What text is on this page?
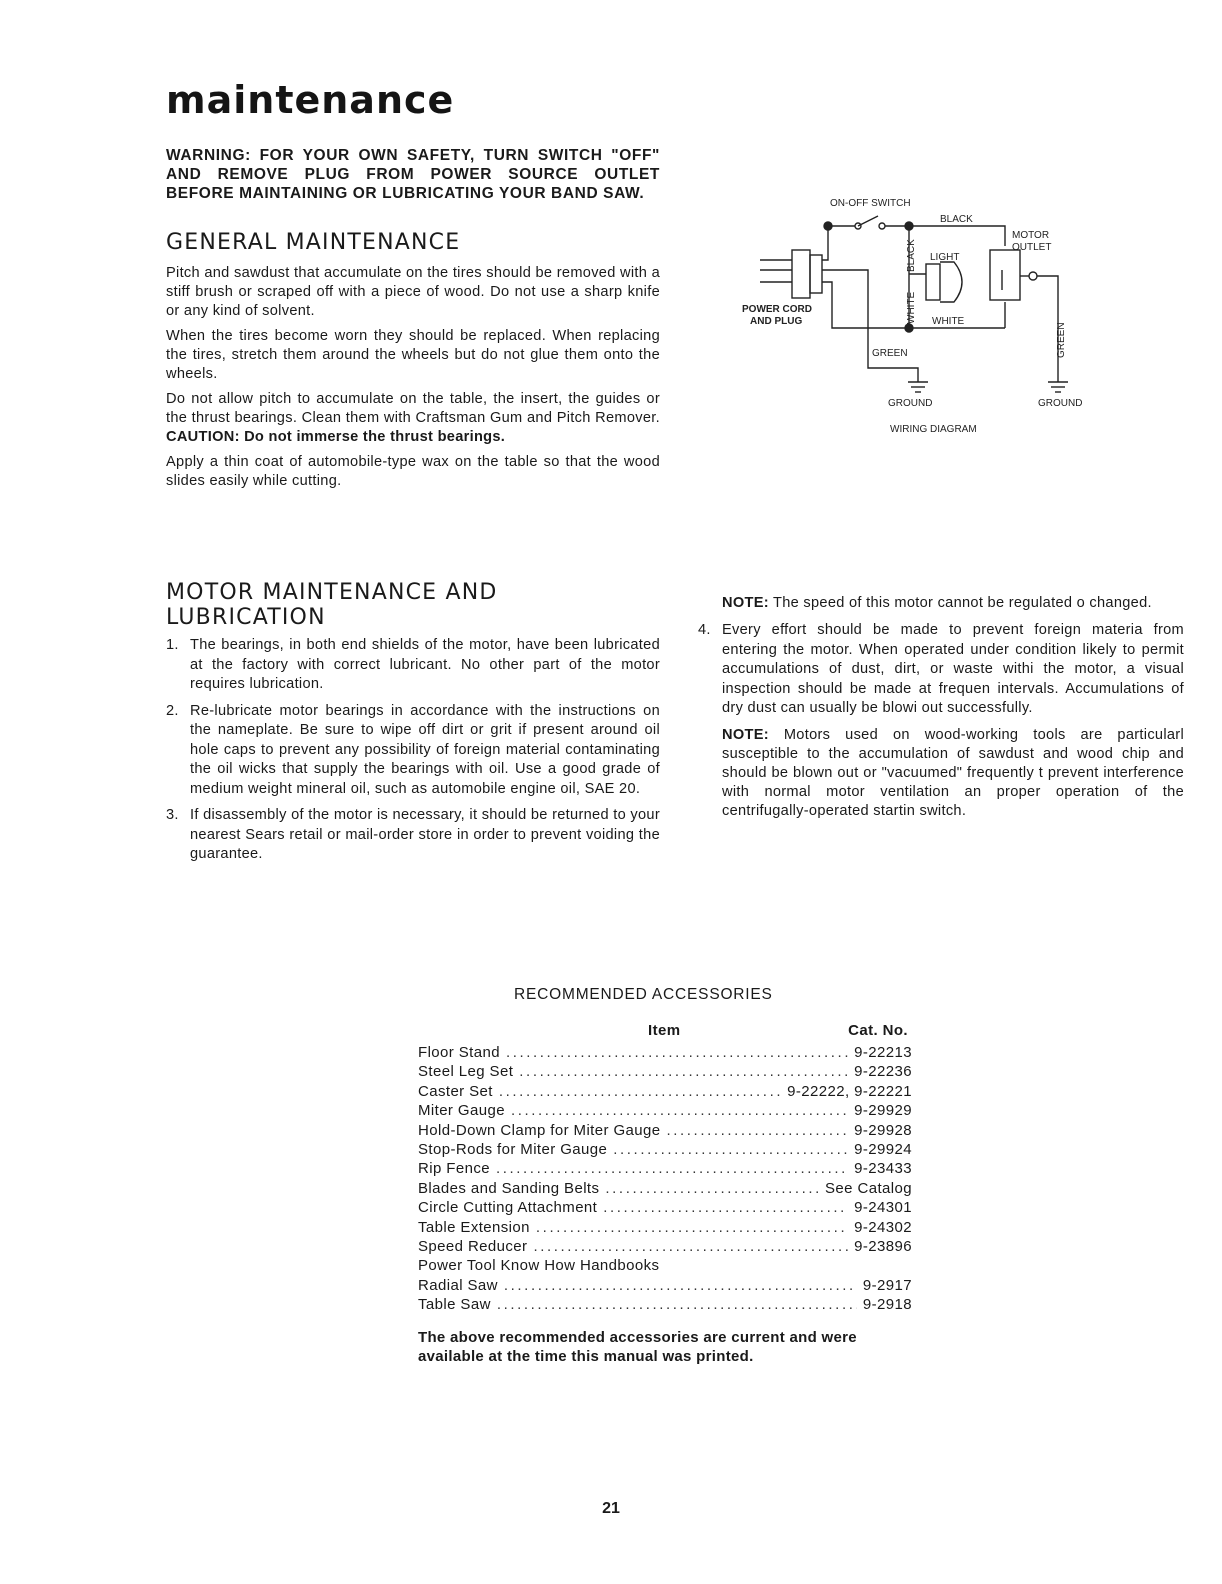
maintenance
WARNING: FOR YOUR OWN SAFETY, TURN SWITCH "OFF" AND REMOVE PLUG FROM POWER SOURCE OUTLET BEFORE MAINTAINING OR LUBRICATING YOUR BAND SAW.
GENERAL MAINTENANCE

Pitch and sawdust that accumulate on the tires should be removed with a stiff brush or scraped off with a piece of wood. Do not use a sharp knife or any kind of solvent.

When the tires become worn they should be replaced. When replacing the tires, stretch them around the wheels but do not glue them onto the wheels.

Do not allow pitch to accumulate on the table, the insert, the guides or the thrust bearings. Clean them with Craftsman Gum and Pitch Remover. CAUTION: Do not immerse the thrust bearings.

Apply a thin coat of automobile-type wax on the table so that the wood slides easily while cutting.

ON-OFF SWITCH
BLACK
MOTOR
OUTLET
LIGHT
BLACK
WHITE
POWER CORD
AND PLUG	WHITE
GREEN
GREEN
GROUND	GROUND
WIRING DIAGRAM
MOTOR MAINTENANCE AND
LUBRICATION
1. The bearings, in both end shields of the motor, have been lubricated at the factory with correct lubricant. No other part of the motor requires lubrication.
2. Re-lubricate motor bearings in accordance with the instructions on the nameplate. Be sure to wipe off dirt or grit if present around oil hole caps to prevent any possibility of foreign material contaminating the oil wicks that supply the bearings with oil. Use a good grade of medium weight mineral oil, such as automobile engine oil, SAE 20.
3. If disassembly of the motor is necessary, it should be returned to your nearest Sears retail or mail-order store in order to prevent voiding the guarantee.

NOTE: The speed of this motor cannot be regulated o changed.

4. Every effort should be made to prevent foreign materia from entering the motor. When operated under condition likely to permit accumulations of dust, dirt, or waste withi the motor, a visual inspection should be made at frequen intervals. Accumulations of dry dust can usually be blowi out successfully.

NOTE: Motors used on wood-working tools are particularl susceptible to the accumulation of sawdust and wood chip and should be blown out or "vacuumed" frequently t prevent interference with normal motor ventilation an proper operation of the centrifugally-operated startin switch.

RECOMMENDED ACCESSORIES
Item	Cat. No.
Floor Stand .....	9-22213
Steel Leg Set .....	9-22236
Caster Set .....	9-22222, 9-22221
Miter Gauge .....	9-29929
Hold-Down Clamp for Miter Gauge .....	9-29928
Stop-Rods for Miter Gauge .....	9-29924
Rip Fence .....	9-23433
Blades and Sanding Belts .....	See Catalog
Circle Cutting Attachment .....	9-24301
Table Extension .....	9-24302
Speed Reducer .....	9-23896
Power Tool Know How Handbooks
Radial Saw .....	9-2917
Table Saw .....	9-2918
The above recommended accessories are current and were available at the time this manual was printed.
21
